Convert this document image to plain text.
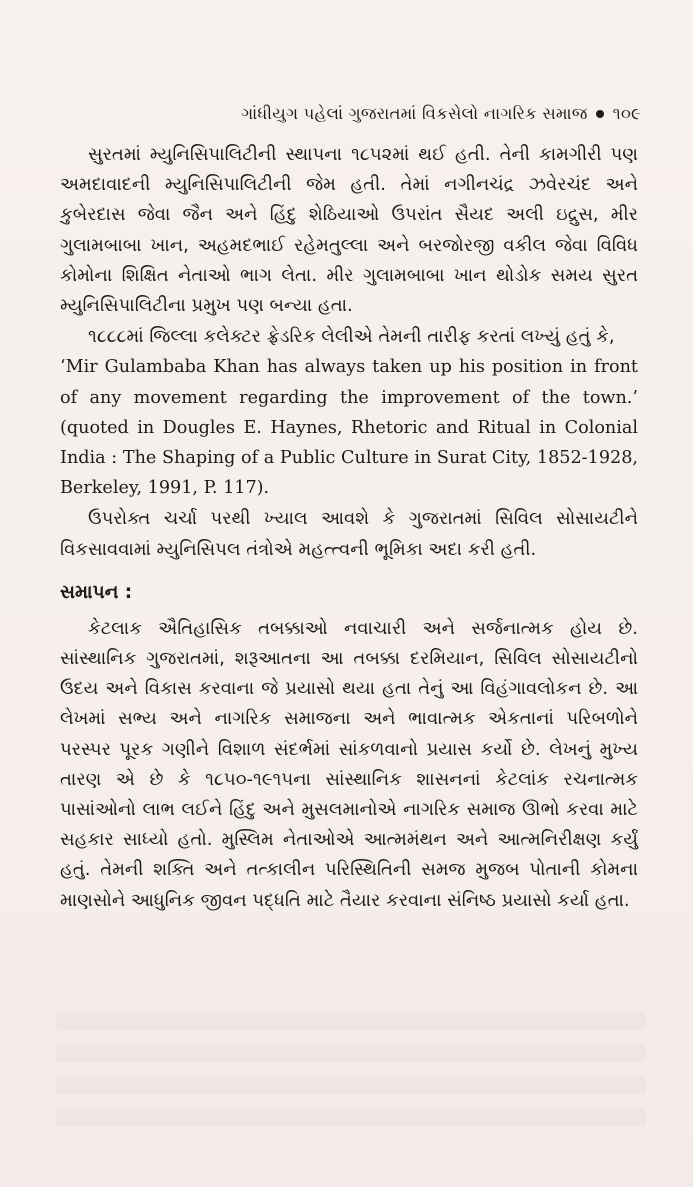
ગાંધીયુગ પહેલાં ગુજરાતમાં વિકસેલો નાગરિક સમાજ ૧૦૯

સુરતમાં મ્યુનિસિપાલિટીની સ્થાપના ૧૮૫૨માં થઈ હતી. તેની કામગીરી પણ અમદાવાદની મ્યુનિસિપાલિટીની જેમ હતી. તેમાં નગીનચંદ્ર ઝવેરચંદ અને કુબેરદાસ જેવા જૈન અને હિંદુ શેઠિયાઓ ઉપરાંત સૈયદ અલી ઇદ્રુસ, મીર ગુલામબાબા ખાન, અહમદભાઈ રહેમતુલ્લા અને બરજોરજી વકીલ જેવા વિવિધ કોમોના શિક્ષિત નેતાઓ ભાગ લેતા. મીર ગુલામબાબા ખાન થોડોક સમય સુરત મ્યુનિસિપાલિટીના પ્રમુખ પણ બન્યા હતા.

૧૮૮૮માં જિલ્લા કલેક્ટર ફ્રેડરિક લેલીએ તેમની તારીફ કરતાં લખ્યું હતું કે,

‘Mir Gulambaba Khan has always taken up his position in front of any movement regarding the improvement of the town.’ (quoted in Dougles E. Haynes, Rhetoric and Ritual in Colonial India : The Shaping of a Public Culture in Surat City, 1852-1928, Berkeley, 1991, P. 117).

ઉપરોક્ત ચર્ચા પરથી ખ્યાલ આવશે કે ગુજરાતમાં સિવિલ સોસાયટીને વિકસાવવામાં મ્યુનિસિપલ તંત્રોએ મહત્ત્વની ભૂમિકા અદા કરી હતી.

સમાપન :

કેટલાક ઐતિહાસિક તબક્કાઓ નવાચારી અને સર્જનાત્મક હોય છે. સાંસ્થાનિક ગુજરાતમાં, શરૂઆતના આ તબક્કા દરમિયાન, સિવિલ સોસાયટીનો ઉદય અને વિકાસ કરવાના જે પ્રયાસો થયા હતા તેનું આ વિહંગાવલોકન છે. આ લેખમાં સભ્ય અને નાગરિક સમાજના અને ભાવાત્મક એકતાનાં પરિબળોને પરસ્પર પૂરક ગણીને વિશાળ સંદર્ભમાં સાંકળવાનો પ્રયાસ કર્યો છે. લેખનું મુખ્ય તારણ એ છે કે ૧૮૫૦-૧૯૧૫ના સાંસ્થાનિક શાસનનાં કેટલાંક રચનાત્મક પાસાંઓનો લાભ લઈને હિંદુ અને મુસલમાનોએ નાગરિક સમાજ ઊભો કરવા માટે સહકાર સાધ્યો હતો. મુસ્લિમ નેતાઓએ આત્મમંથન અને આત્મનિરીક્ષણ કર્યું હતું. તેમની શક્તિ અને તત્કાલીન પરિસ્થિતિની સમજ મુજબ પોતાની કોમના માણસોને આધુનિક જીવન પદ્ધતિ માટે તૈયાર કરવાના સંનિષ્ઠ પ્રયાસો કર્યા હતા.
